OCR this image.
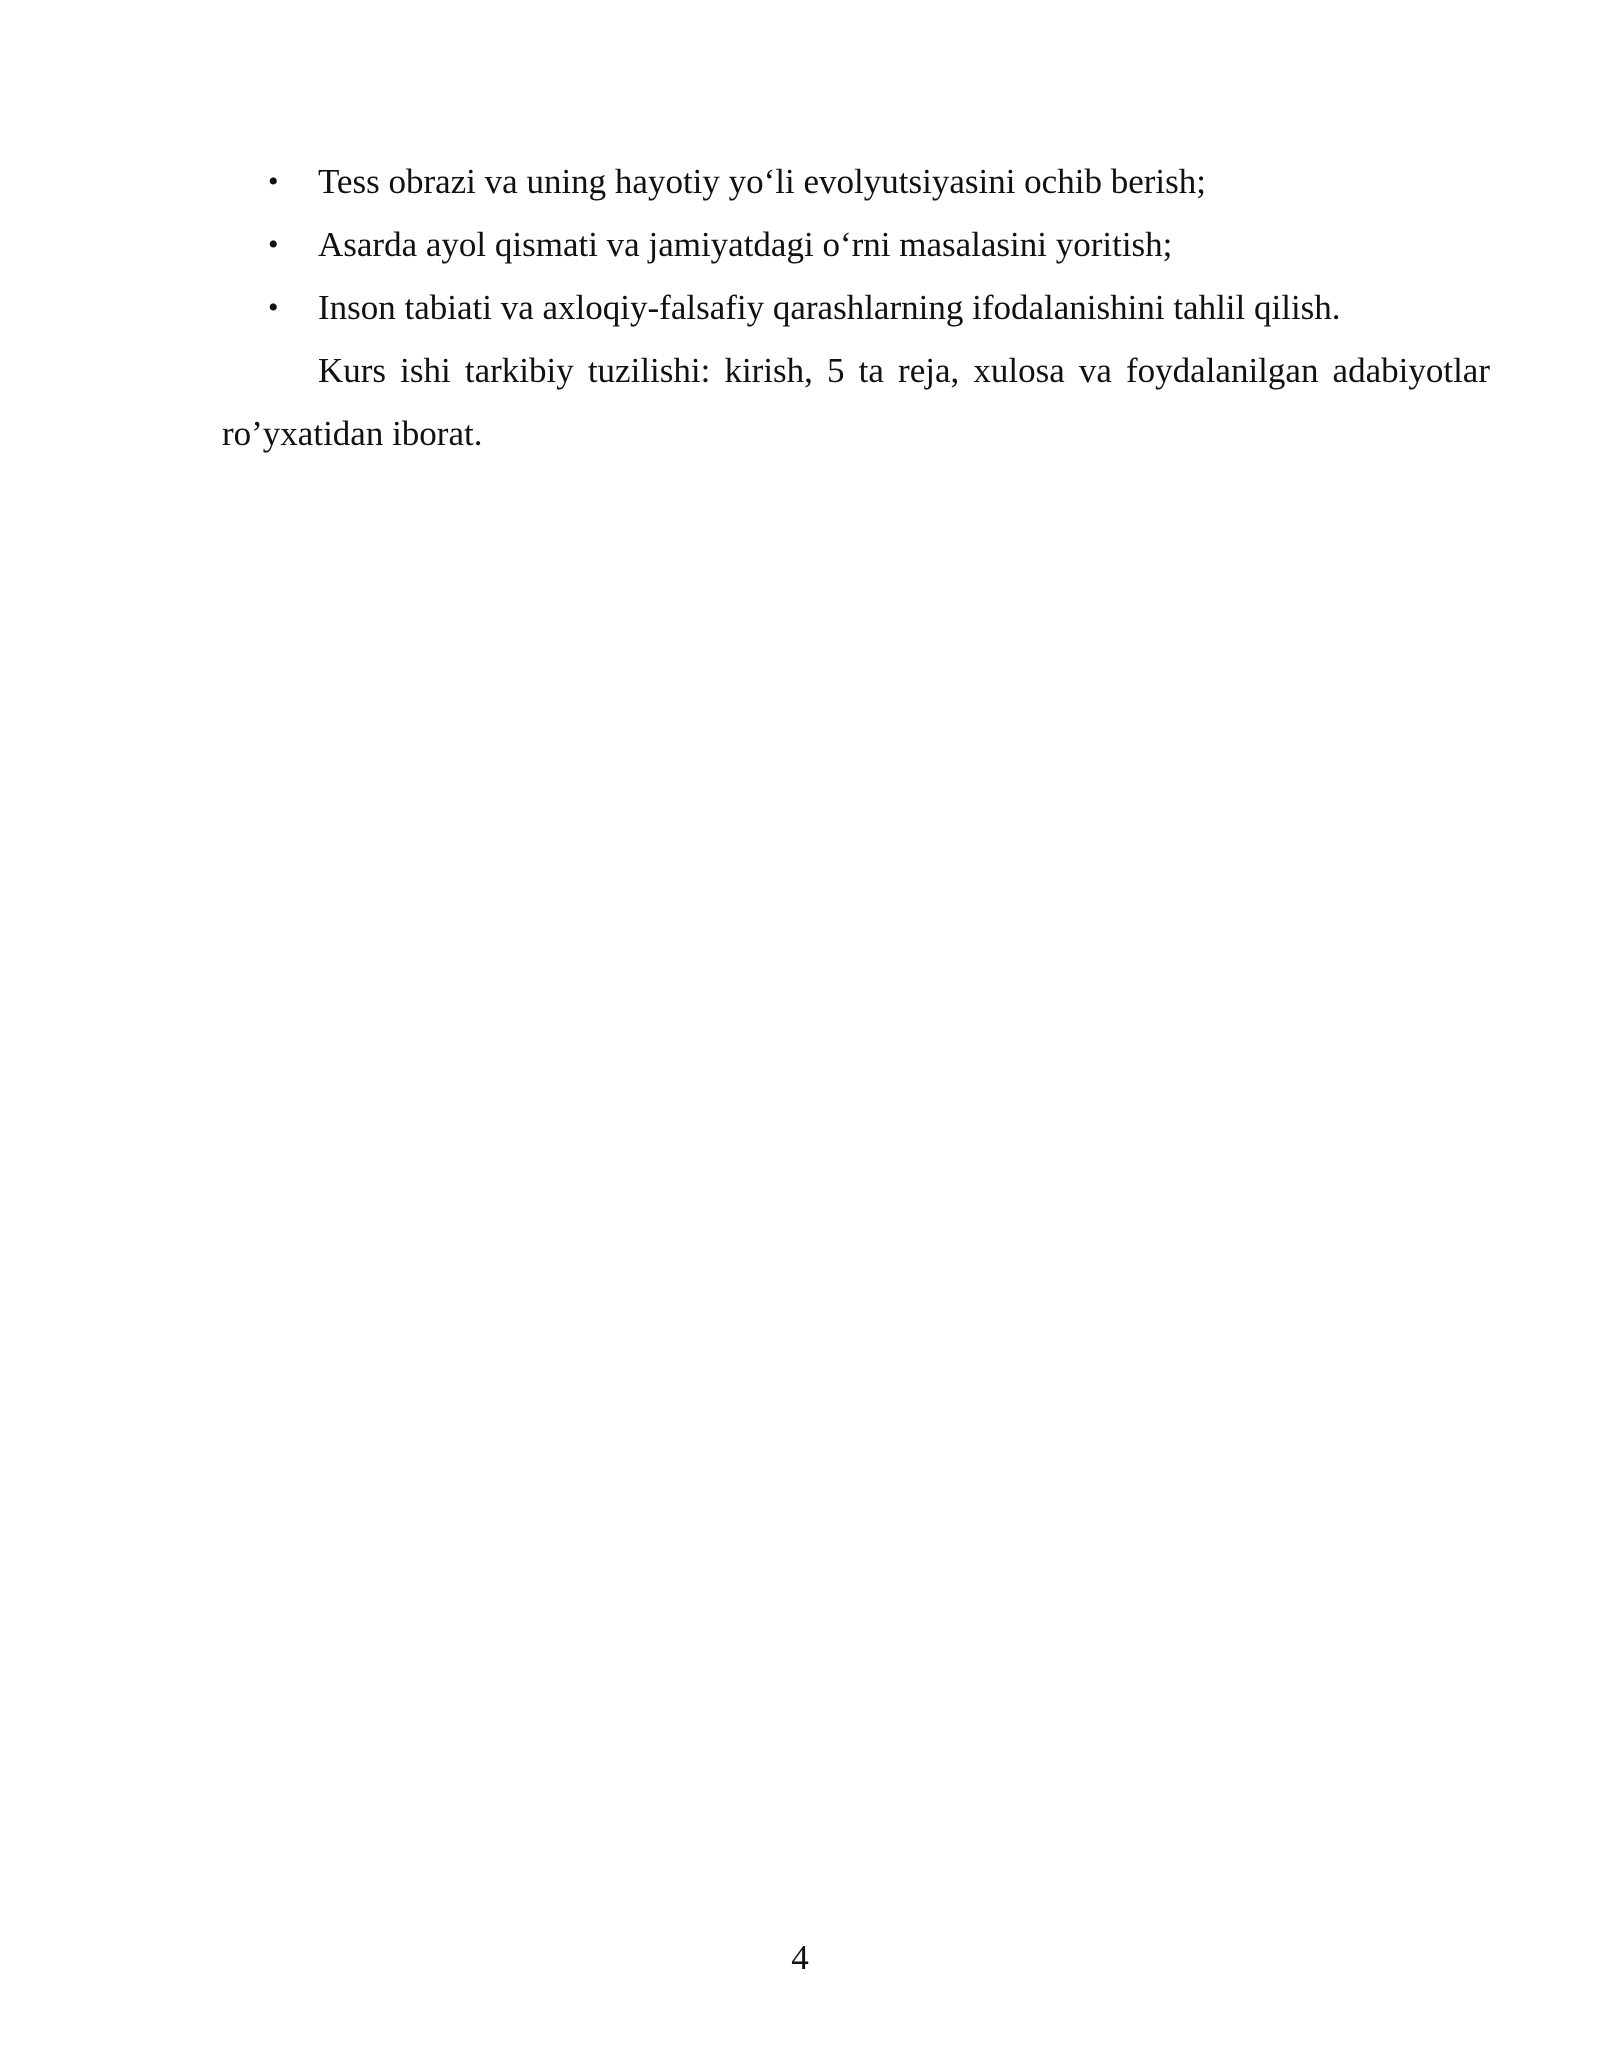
• Tess obrazi va uning hayotiy yo‘li evolyutsiyasini ochib berish;
• Asarda ayol qismati va jamiyatdagi o‘rni masalasini yoritish;
• Inson tabiati va axloqiy-falsafiy qarashlarning ifodalanishini tahlil qilish.

Kurs ishi tarkibiy tuzilishi: kirish, 5 ta reja, xulosa va foydalanilgan adabiyotlar ro’yxatidan iborat.

4
